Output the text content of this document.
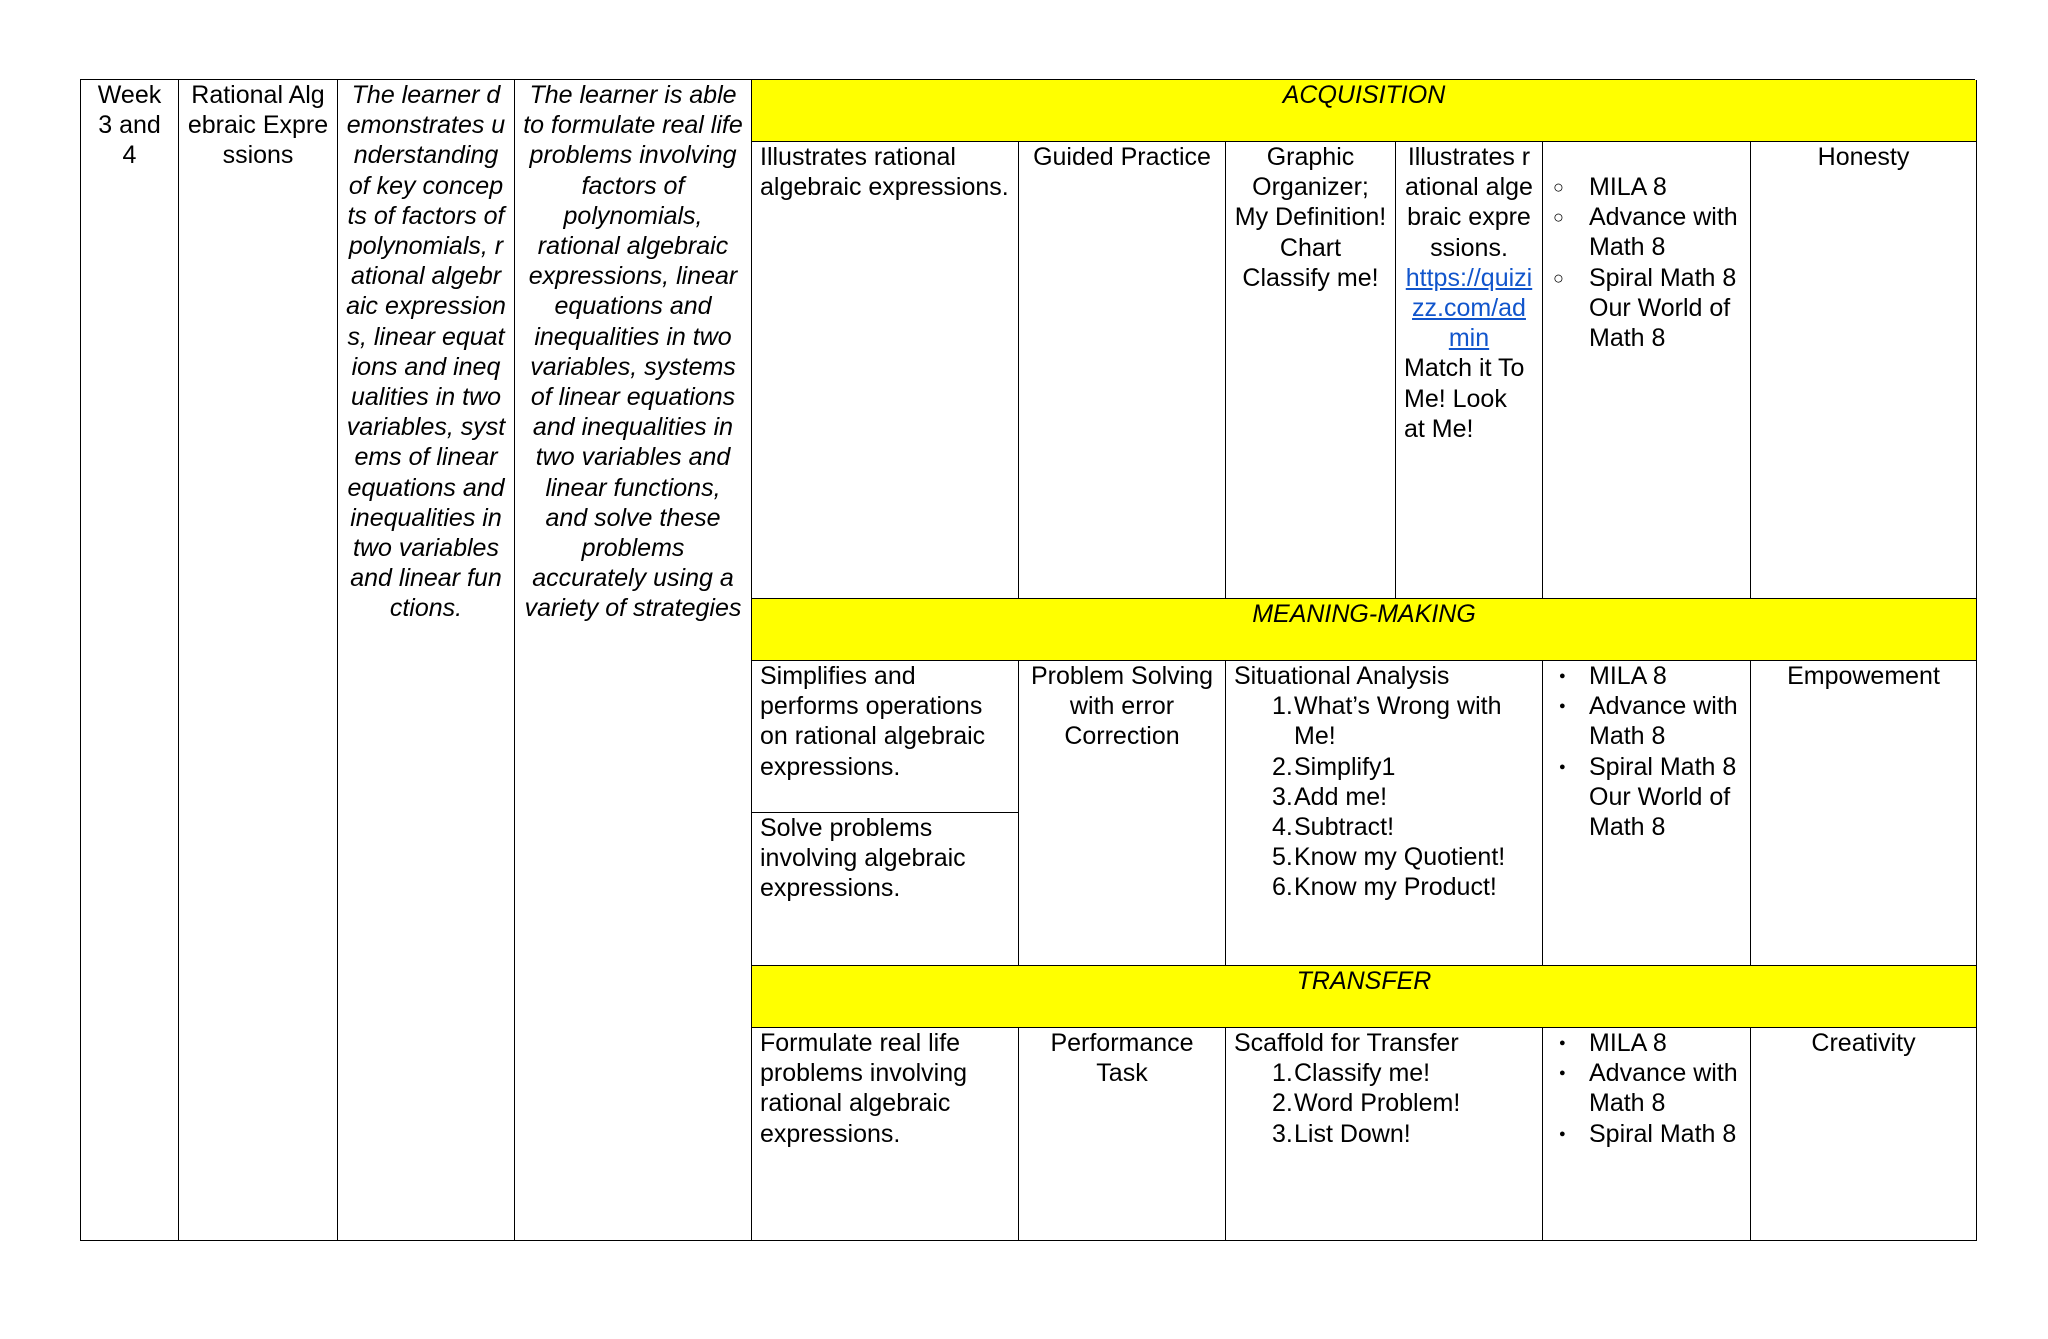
Week 3 and 4
Rational Algebraic Expressions
The learner demonstrates understanding of key concepts of factors of polynomials, rational algebraic expressions, linear equations and inequalities in two variables, systems of linear equations and inequalities in two variables and linear functions.
The learner is able to formulate real life problems involving factors of polynomials, rational algebraic expressions, linear equations and inequalities in two variables, systems of linear equations and inequalities in two variables and linear functions, and solve these problems accurately using a variety of strategies
ACQUISITION
Illustrates rational algebraic expressions.
Guided Practice	Graphic Organizer;
My Definition! Chart
Classify me!
Illustrates rational algebraic expressions.
https://quizizz.com/admin
Match it To Me! Look at Me!
○ MILA 8
○ Advance with Math 8
○ Spiral Math 8
Our World of Math 8
Honesty
MEANING-MAKING
Simplifies and performs operations on rational algebraic expressions.
Solve problems involving algebraic expressions.
Problem Solving with error Correction
Situational Analysis
1. What’s Wrong with Me!
2. Simplify1
3. Add me!
4. Subtract!
5. Know my Quotient!
6. Know my Product!
● MILA 8
● Advance with Math 8
● Spiral Math 8
Our World of Math 8
Empowement
TRANSFER
Formulate real life problems involving rational algebraic expressions.
Performance Task
Scaffold for Transfer
1. Classify me!
2. Word Problem!
3. List Down!
● MILA 8
● Advance with Math 8
● Spiral Math 8
Creativity
